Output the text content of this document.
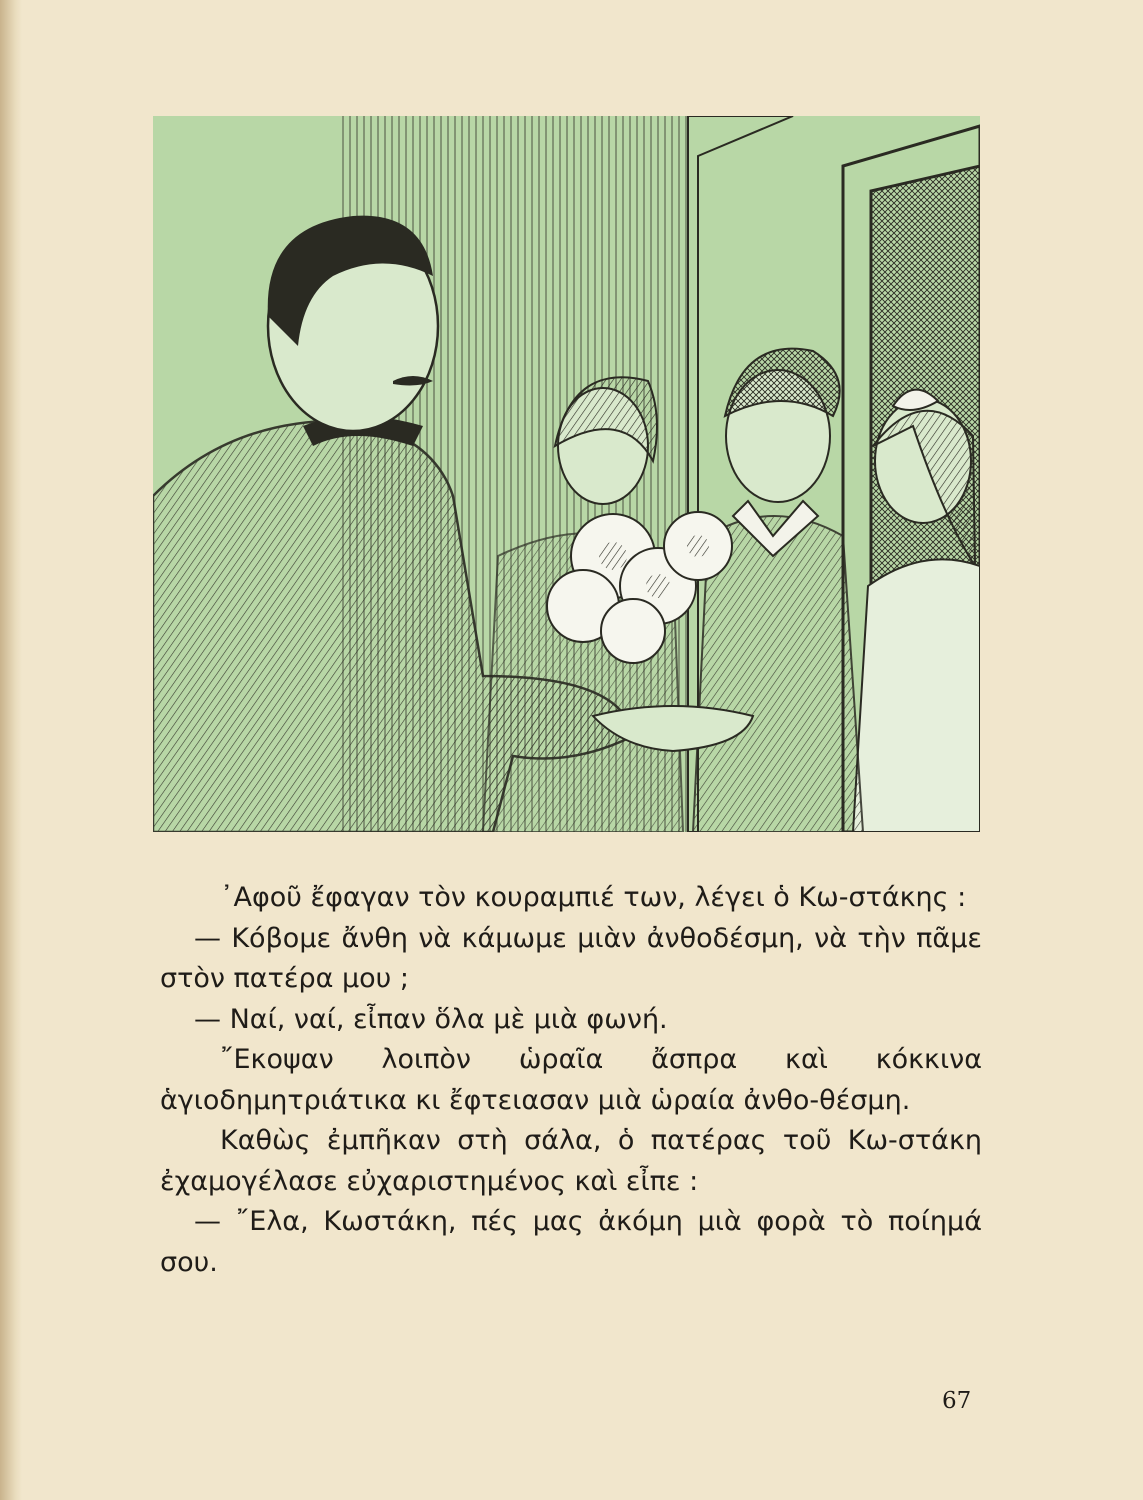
᾿Αφοῦ ἔφαγαν τὸν κουραμπιέ των, λέγει ὁ Κω-στάκης :

— Κόβομε ἄνθη νὰ κάμωμε μιὰν ἀνθοδέσμη, νὰ τὴν πᾶμε στὸν πατέρα μου ;

— Ναί, ναί, εἶπαν ὅλα μὲ μιὰ φωνή.

῎Εκοψαν λοιπὸν ὡραῖα ἄσπρα καὶ κόκκινα ἁγιοδημητριάτικα κι ἔφτειασαν μιὰ ὡραία ἀνθο-θέσμη.

Καθὼς ἐμπῆκαν στὴ σάλα, ὁ πατέρας τοῦ Κω-στάκη ἐχαμογέλασε εὐχαριστημένος καὶ εἶπε :

— ῎Ελα, Κωστάκη, πές μας ἀκόμη μιὰ φορὰ τὸ ποίημά σου.

67
